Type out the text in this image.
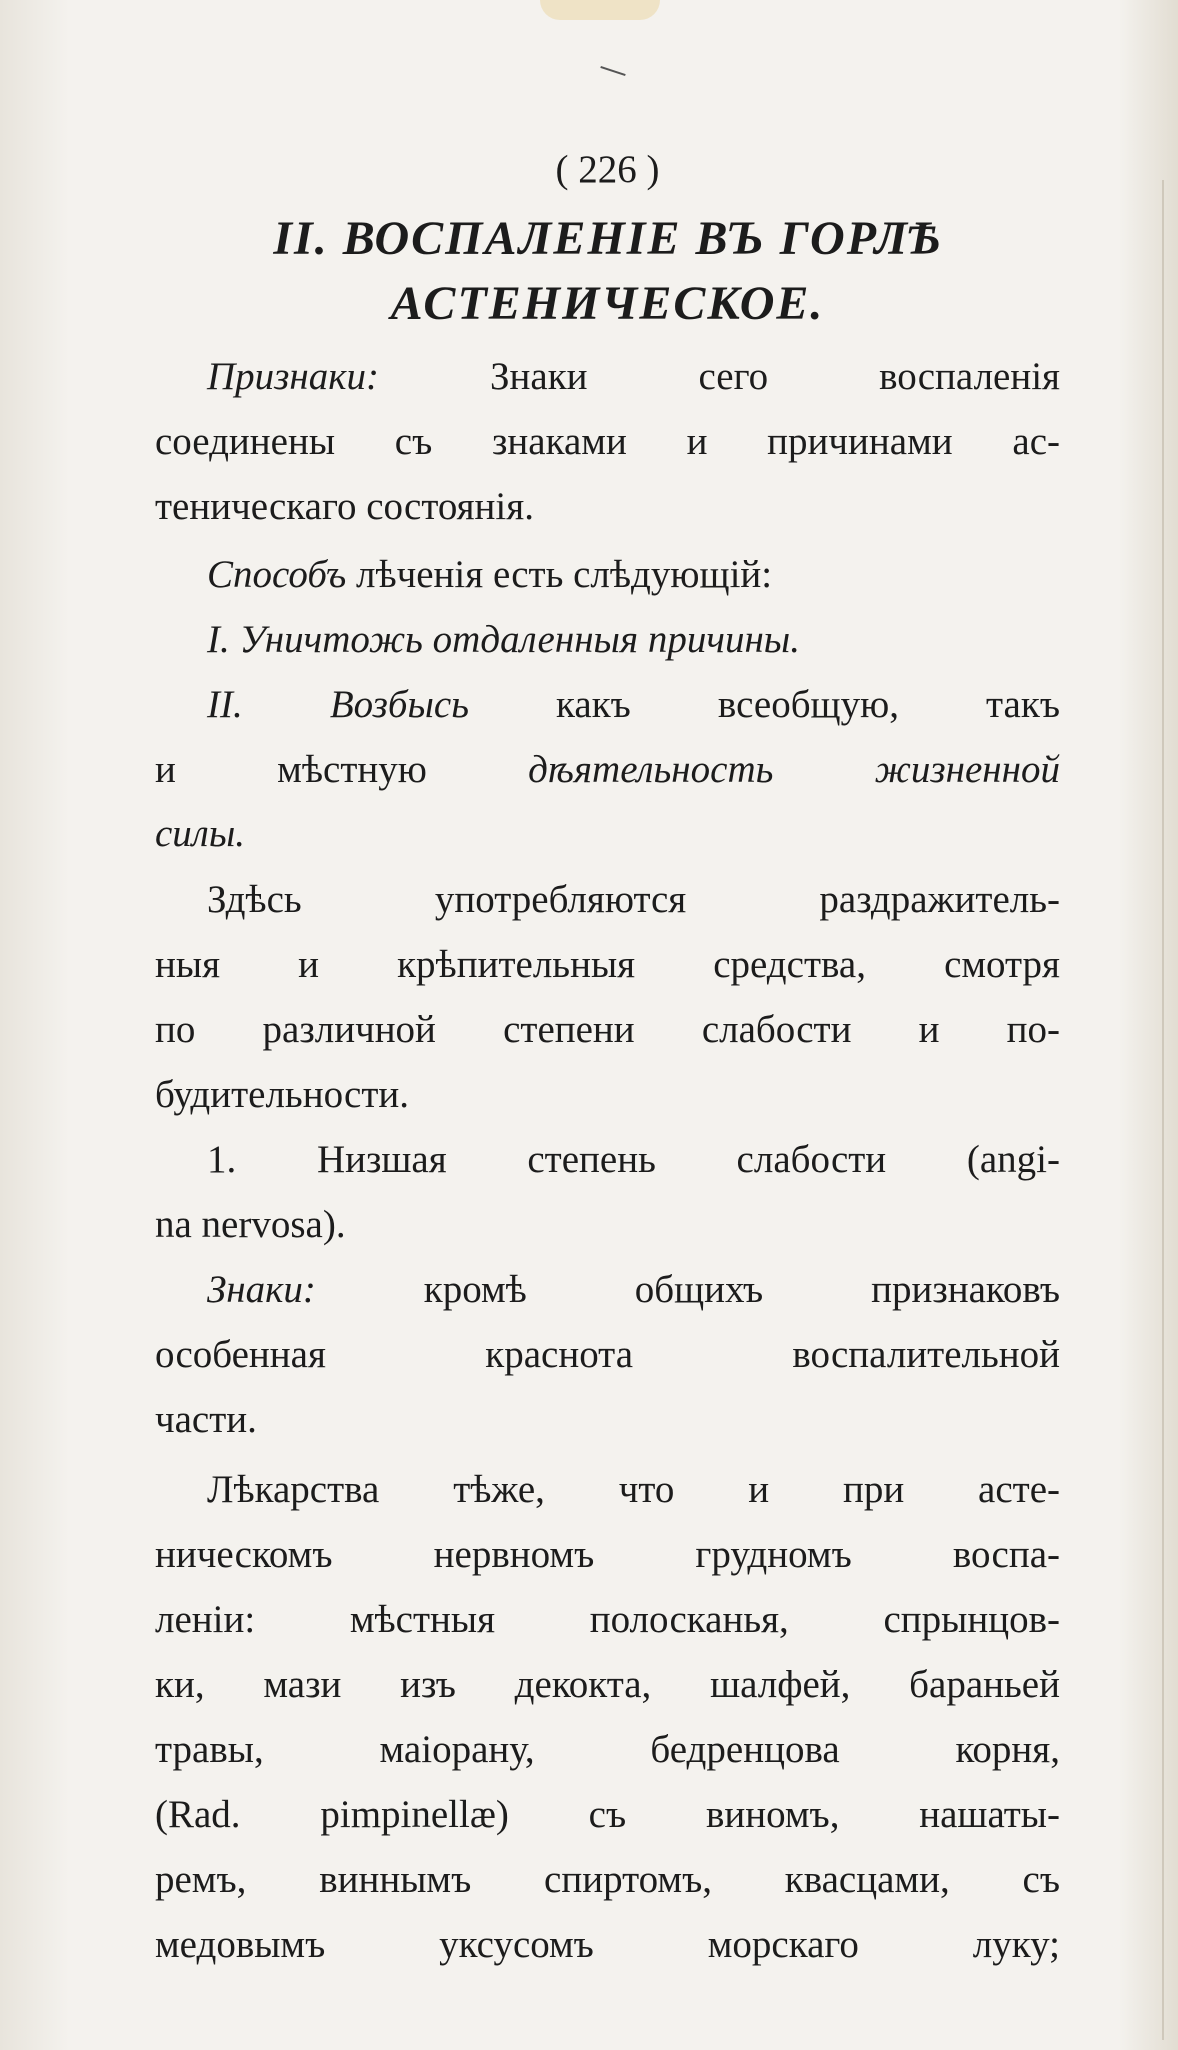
( 226 )

II. ВОСПАЛЕНІЕ ВЪ ГОРЛѢ

АСТЕНИЧЕСКОЕ.

Признаки:	Знаки сего воспаленія

соединены съ знаками и причинами ас-

теническаго состоянія.

Способъ лѣченія есть слѣдующій:

I. Уничтожь отдаленныя причины.

II. Возбысь какъ всеобщую, такъ

и мѣстную	дѣятельность жизненной

силы.

Здѣсь употребляются раздражитель-

ныя и крѣпительныя средства, смотря

по различной степени слабости и по-

будительности.

1. Низшая степень слабости (angi-

na nervosa).

Знаки:	кромѣ общихъ признаковъ

особенная краснота воспалительной

части.

Лѣкарства тѣже, что и при асте-

ническомъ нервномъ грудномъ воспа-

леніи: мѣстныя полосканья, спрынцов-

ки, мази изъ декокта, шалфей, бараньей

травы, маіорану, бедренцова корня,

(Rad. pimpinellæ) съ виномъ, нашаты-

ремъ, виннымъ спиртомъ, квасцами, съ

медовымъ уксусомъ морскаго луку;
